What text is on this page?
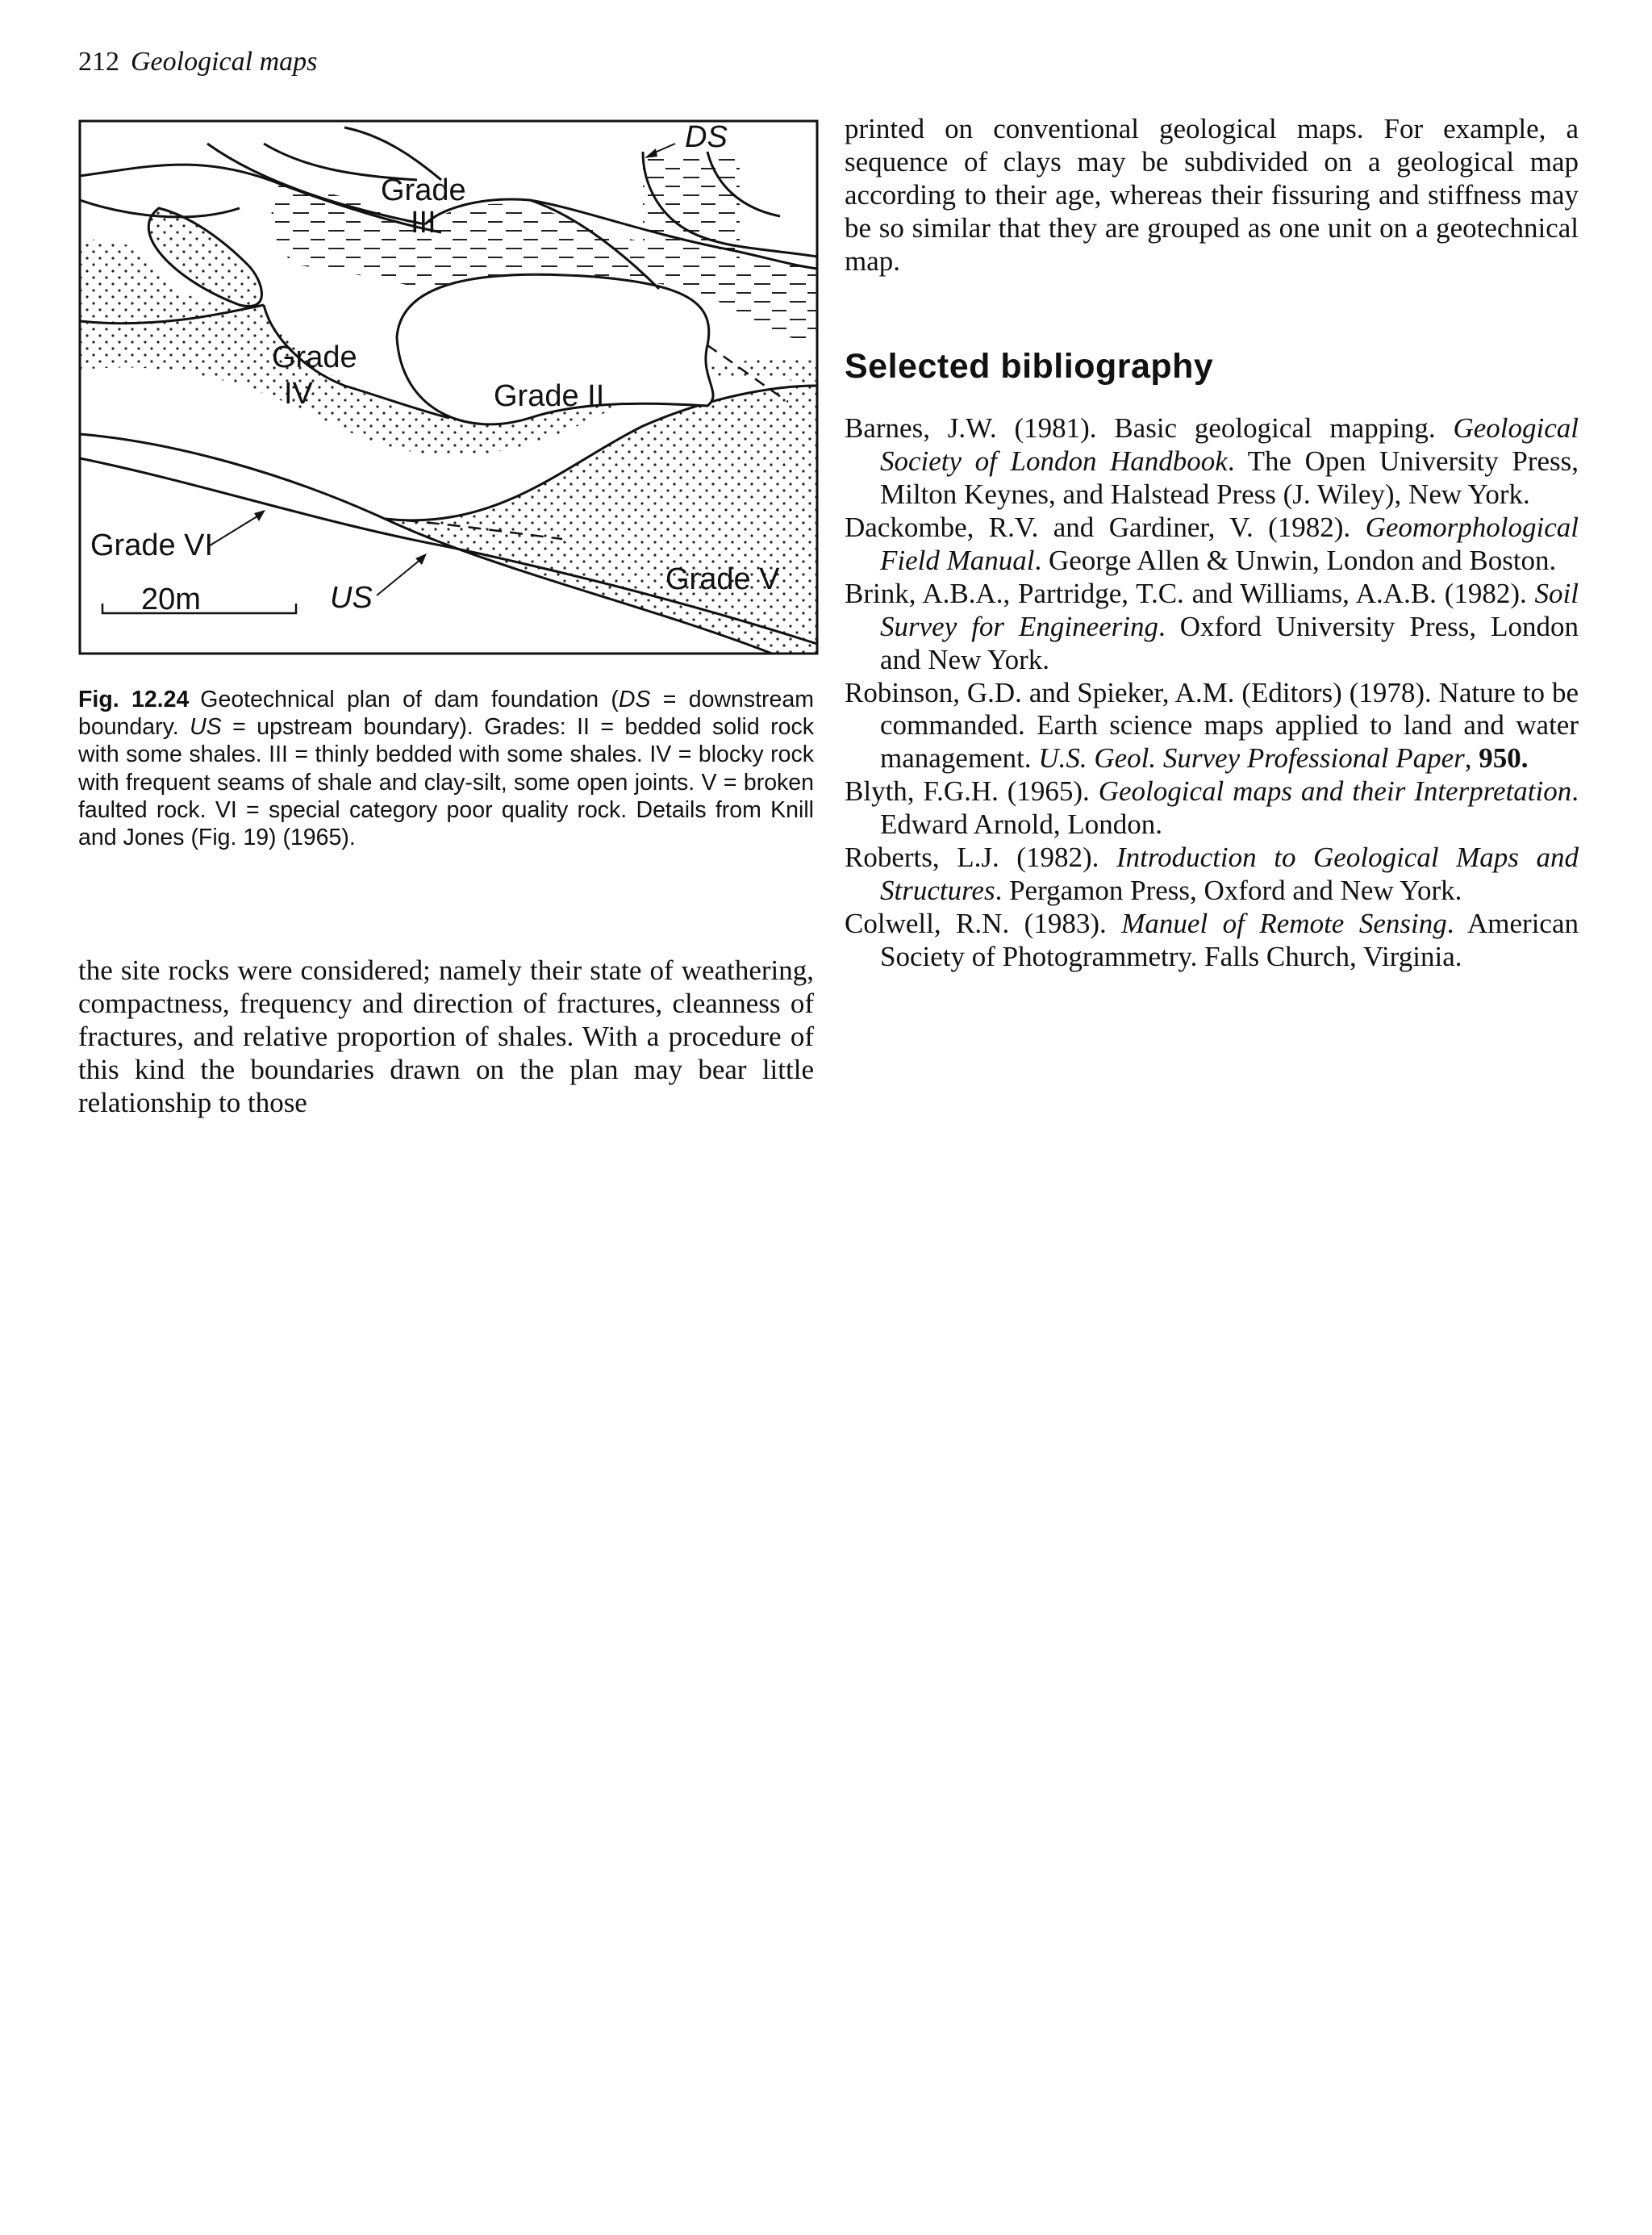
212 Geological maps
DS
Grade
III
Grade
IV	Grade II
Grade VI
Grade V
20m	US
Fig. 12.24 Geotechnical plan of dam foundation (DS = downstream boundary. US = upstream boundary). Grades: II = bedded solid rock with some shales. III = thinly bedded with some shales. IV = blocky rock with frequent seams of shale and clay-silt, some open joints. V = broken faulted rock. VI = special category poor quality rock. Details from Knill and Jones (Fig. 19) (1965).
the site rocks were considered; namely their state of weathering, compactness, frequency and direction of fractures, cleanness of fractures, and relative proportion of shales. With a procedure of this kind the boundaries drawn on the plan may bear little relationship to those
printed on conventional geological maps. For example, a sequence of clays may be subdivided on a geological map according to their age, whereas their fissuring and stiffness may be so similar that they are grouped as one unit on a geotechnical map.
Selected bibliography
Barnes, J.W. (1981). Basic geological mapping. Geological Society of London Handbook. The Open University Press, Milton Keynes, and Halstead Press (J. Wiley), New York.
Dackombe, R.V. and Gardiner, V. (1982). Geomorphological Field Manual. George Allen & Unwin, London and Boston.
Brink, A.B.A., Partridge, T.C. and Williams, A.A.B. (1982). Soil Survey for Engineering. Oxford University Press, London and New York.
Robinson, G.D. and Spieker, A.M. (Editors) (1978). Nature to be commanded. Earth science maps applied to land and water management. U.S. Geol. Survey Professional Paper, 950.
Blyth, F.G.H. (1965). Geological maps and their Interpretation. Edward Arnold, London.
Roberts, L.J. (1982). Introduction to Geological Maps and Structures. Pergamon Press, Oxford and New York.
Colwell, R.N. (1983). Manuel of Remote Sensing. American Society of Photogrammetry. Falls Church, Virginia.
